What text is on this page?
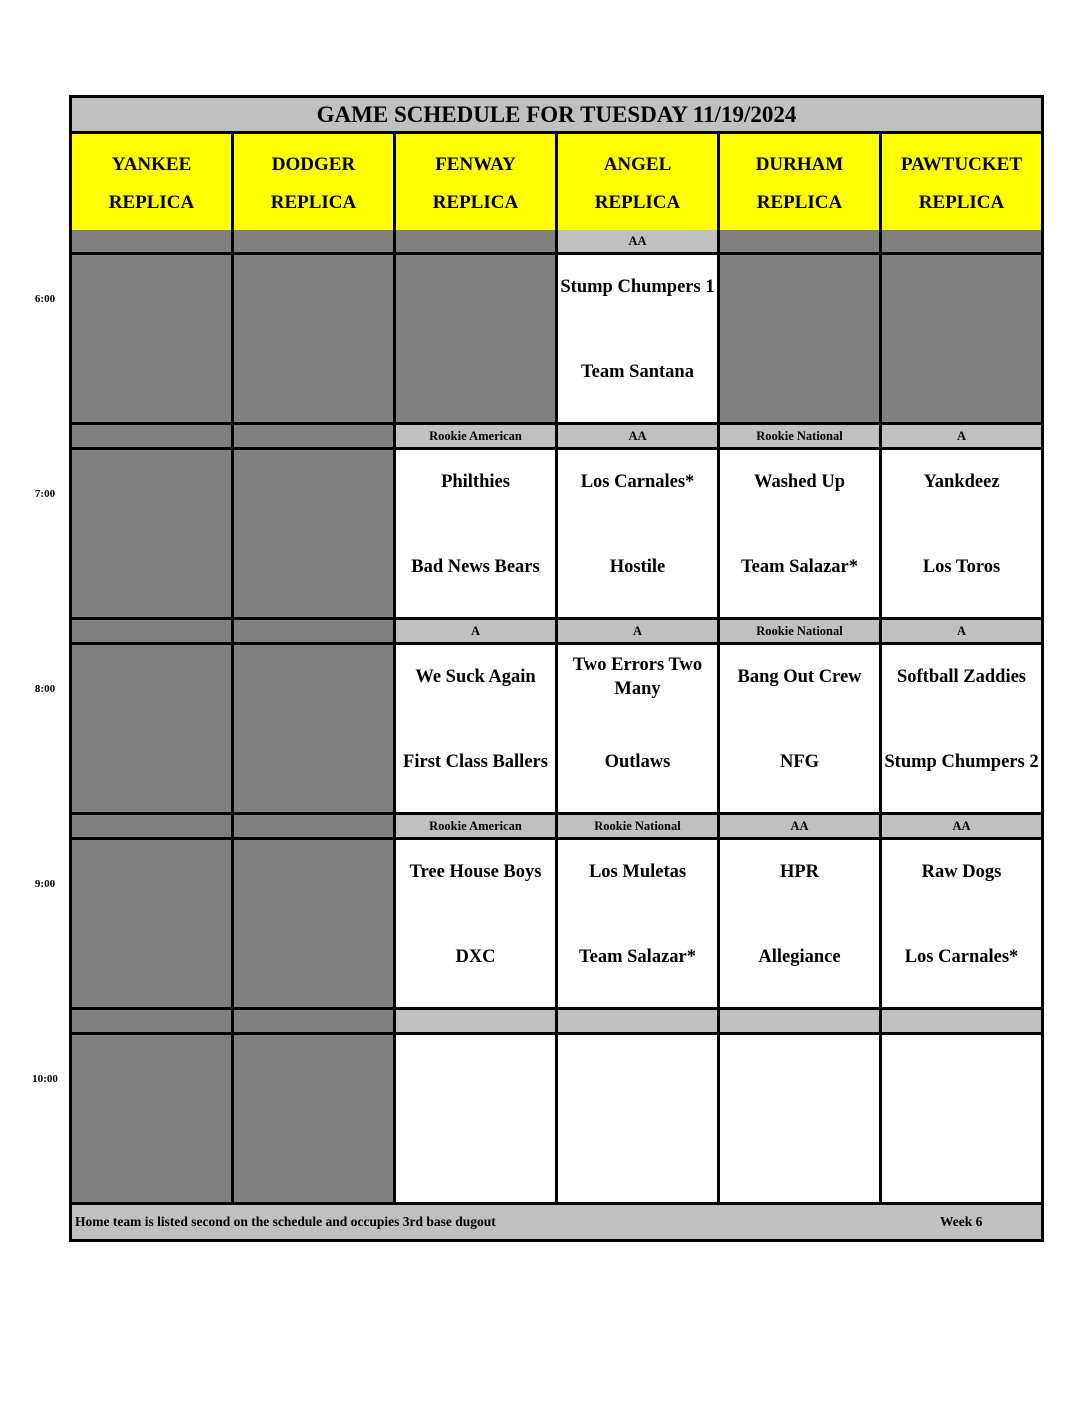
6:00
7:00
8:00
9:00
10:00
GAME SCHEDULE FOR TUESDAY 11/19/2024
Home team is listed second on the schedule and occupies 3rd base dugout	Week 6
YANKEE
REPLICA
DODGER
REPLICA
FENWAY
REPLICA
ANGEL
REPLICA
DURHAM
REPLICA
PAWTUCKET
REPLICA
AA
Stump Chumpers 1
Team Santana
Rookie American
Philthies
Bad News Bears
AA
Los Carnales*
Hostile
Rookie National
Washed Up
Team Salazar*
A
Yankdeez
Los Toros
A
We Suck Again
First Class Ballers
A
Two Errors Two Many
Outlaws
Rookie National
Bang Out Crew
NFG
A
Softball Zaddies
Stump Chumpers 2
Rookie American
Tree House Boys
DXC
Rookie National
Los Muletas
Team Salazar*
AA
HPR
Allegiance
AA
Raw Dogs
Los Carnales*
